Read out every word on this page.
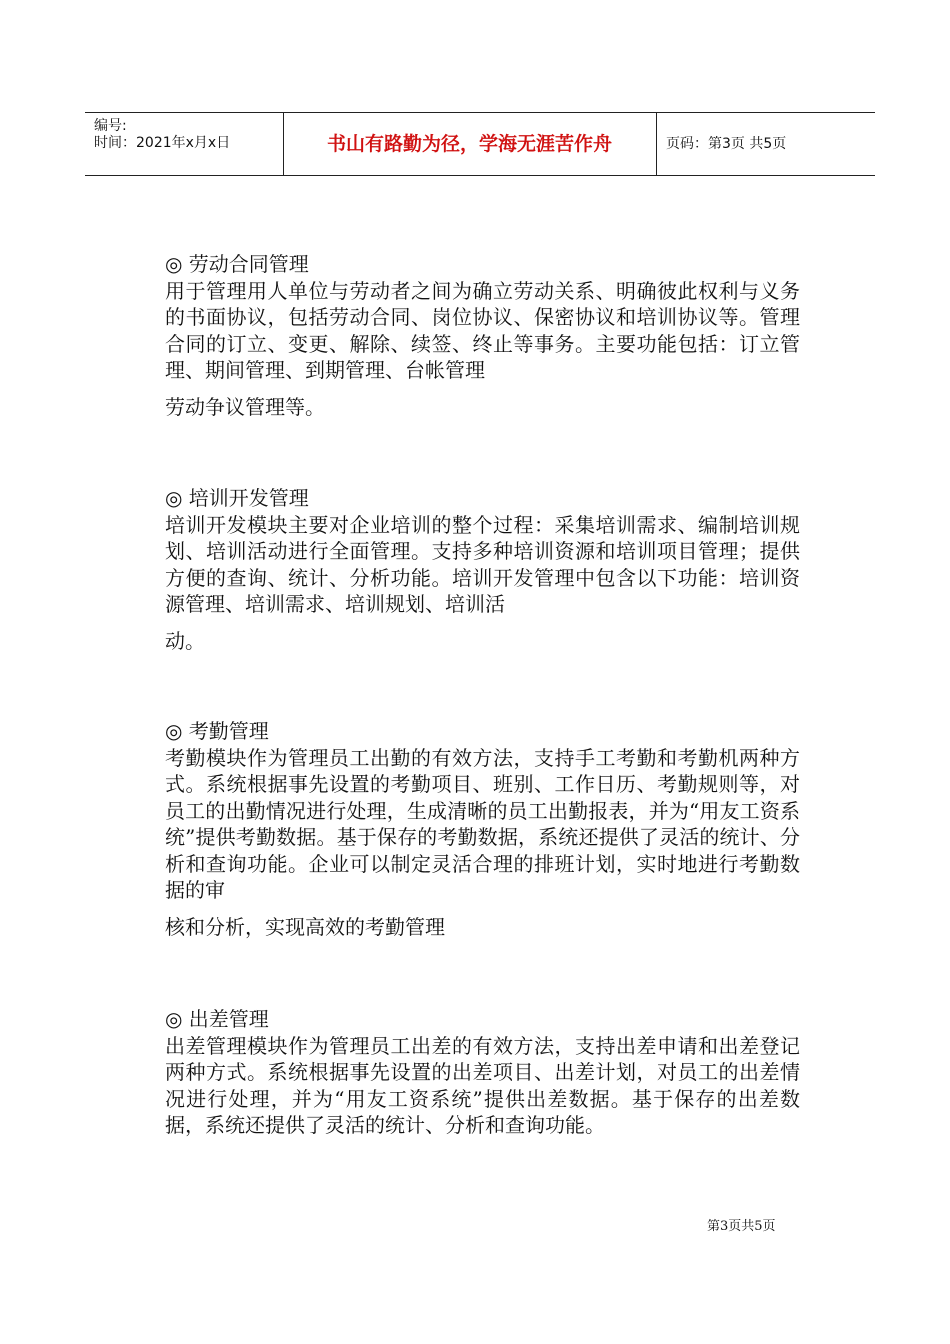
编号:
时间：2021年x月x日	书山有路勤为径，学海无涯苦作舟	页码：第3页 共5页
◎ 劳动合同管理
用于管理用人单位与劳动者之间为确立劳动关系、明确彼此权利与义务的书面协议，包括劳动合同、岗位协议、保密协议和培训协议等。管理合同的订立、变更、解除、续签、终止等事务。主要功能包括：订立管理、期间管理、到期管理、台帐管理
劳动争议管理等。
◎ 培训开发管理
培训开发模块主要对企业培训的整个过程：采集培训需求、编制培训规划、培训活动进行全面管理。支持多种培训资源和培训项目管理；提供方便的查询、统计、分析功能。培训开发管理中包含以下功能：培训资源管理、培训需求、培训规划、培训活
动。
◎ 考勤管理
考勤模块作为管理员工出勤的有效方法，支持手工考勤和考勤机两种方式。系统根据事先设置的考勤项目、班别、工作日历、考勤规则等，对员工的出勤情况进行处理，生成清晰的员工出勤报表，并为“用友工资系统”提供考勤数据。基于保存的考勤数据，系统还提供了灵活的统计、分析和查询功能。企业可以制定灵活合理的排班计划，实时地进行考勤数据的审
核和分析，实现高效的考勤管理
◎ 出差管理
出差管理模块作为管理员工出差的有效方法，支持出差申请和出差登记两种方式。系统根据事先设置的出差项目、出差计划，对员工的出差情况进行处理，并为“用友工资系统”提供出差数据。基于保存的出差数据，系统还提供了灵活的统计、分析和查询功能。
第3页共5页
